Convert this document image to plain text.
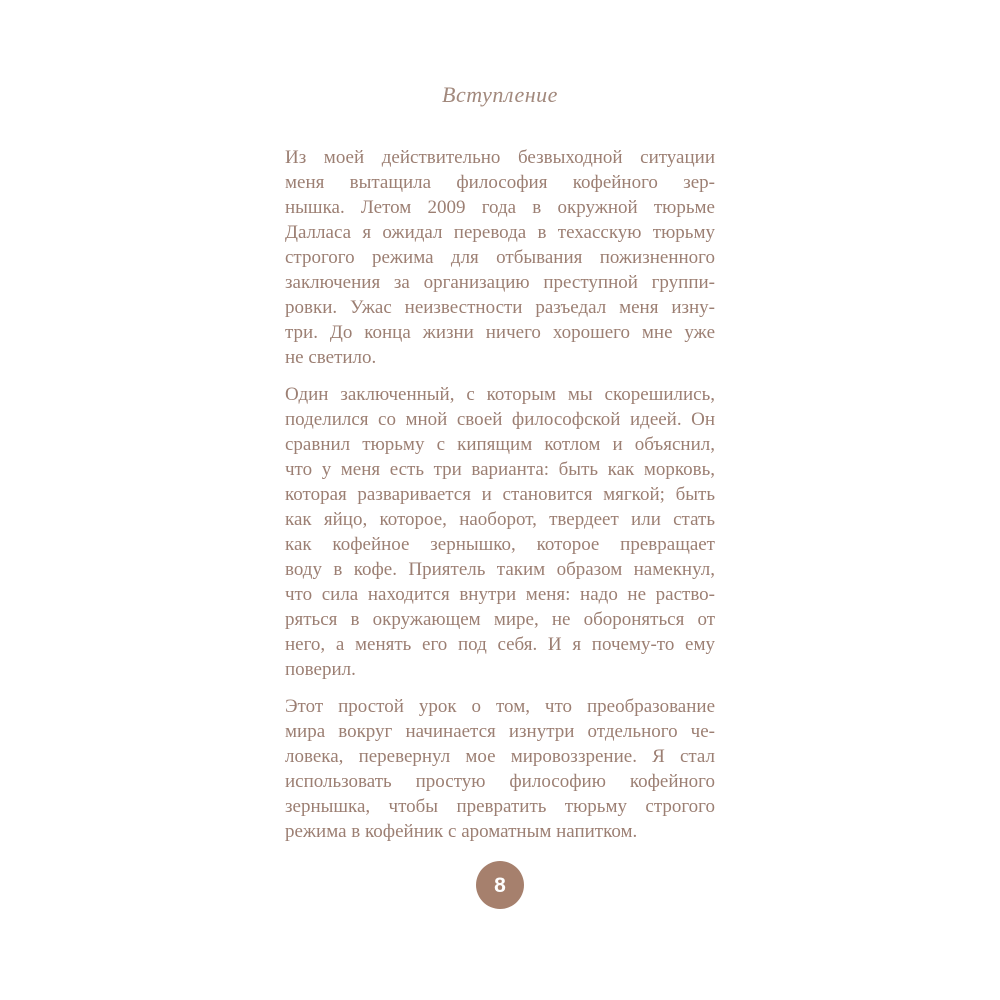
Вступление
Из моей действительно безвыходной ситуации
меня вытащила философия кофейного зер-
нышка. Летом 2009 года в окружной тюрьме
Далласа я ожидал перевода в техасскую тюрьму
строгого режима для отбывания пожизненного
заключения за организацию преступной группи-
ровки. Ужас неизвестности разъедал меня изну-
три. До конца жизни ничего хорошего мне уже
не светило.
Один заключенный, с которым мы скорешились,
поделился со мной своей философской идеей. Он
сравнил тюрьму с кипящим котлом и объяснил,
что у меня есть три варианта: быть как морковь,
которая разваривается и становится мягкой; быть
как яйцо, которое, наоборот, твердеет или стать
как кофейное зернышко, которое превращает
воду в кофе. Приятель таким образом намекнул,
что сила находится внутри меня: надо не раство-
ряться в окружающем мире, не обороняться от
него, а менять его под себя. И я почему-то ему
поверил.
Этот простой урок о том, что преобразование
мира вокруг начинается изнутри отдельного че-
ловека, перевернул мое мировоззрение. Я стал
использовать простую философию кофейного
зернышка, чтобы превратить тюрьму строгого
режима в кофейник с ароматным напитком.
8
